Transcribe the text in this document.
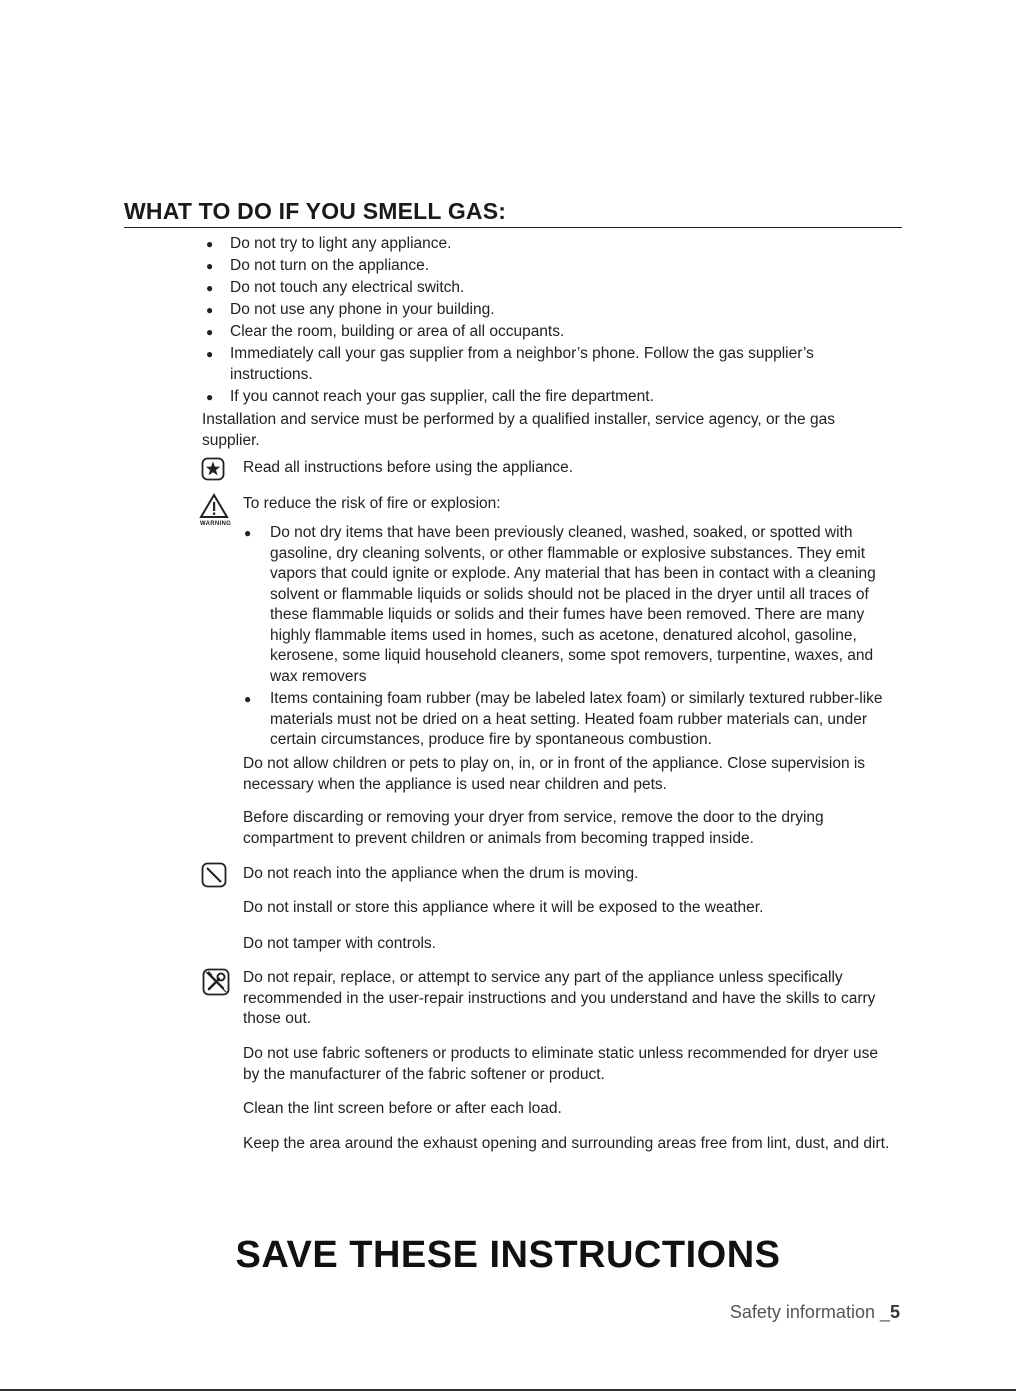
WHAT TO DO IF YOU SMELL GAS:
● Do not try to light any appliance.
● Do not turn on the appliance.
● Do not touch any electrical switch.
● Do not use any phone in your building.
● Clear the room, building or area of all occupants.
● Immediately call your gas supplier from a neighbor’s phone. Follow the gas supplier’s instructions.
● If you cannot reach your gas supplier, call the fire department.
Installation and service must be performed by a qualified installer, service agency, or the gas supplier.
Read all instructions before using the appliance.
To reduce the risk of fire or explosion:
WARNING
● Do not dry items that have been previously cleaned, washed, soaked, or spotted with gasoline, dry cleaning solvents, or other flammable or explosive substances. They emit vapors that could ignite or explode. Any material that has been in contact with a cleaning solvent or flammable liquids or solids should not be placed in the dryer until all traces of these flammable liquids or solids and their fumes have been removed. There are many highly flammable items used in homes, such as acetone, denatured alcohol, gasoline, kerosene, some liquid household cleaners, some spot removers, turpentine, waxes, and wax removers
● Items containing foam rubber (may be labeled latex foam) or similarly textured rubber-like materials must not be dried on a heat setting. Heated foam rubber materials can, under certain circumstances, produce fire by spontaneous combustion.
Do not allow children or pets to play on, in, or in front of the appliance. Close supervision is necessary when the appliance is used near children and pets.
Before discarding or removing your dryer from service, remove the door to the drying compartment to prevent children or animals from becoming trapped inside.
Do not reach into the appliance when the drum is moving.
Do not install or store this appliance where it will be exposed to the weather.
Do not tamper with controls.
Do not repair, replace, or attempt to service any part of the appliance unless specifically recommended in the user-repair instructions and you understand and have the skills to carry those out.
Do not use fabric softeners or products to eliminate static unless recommended for dryer use by the manufacturer of the fabric softener or product.
Clean the lint screen before or after each load.
Keep the area around the exhaust opening and surrounding areas free from lint, dust, and dirt.
SAVE THESE INSTRUCTIONS
Safety information _5
